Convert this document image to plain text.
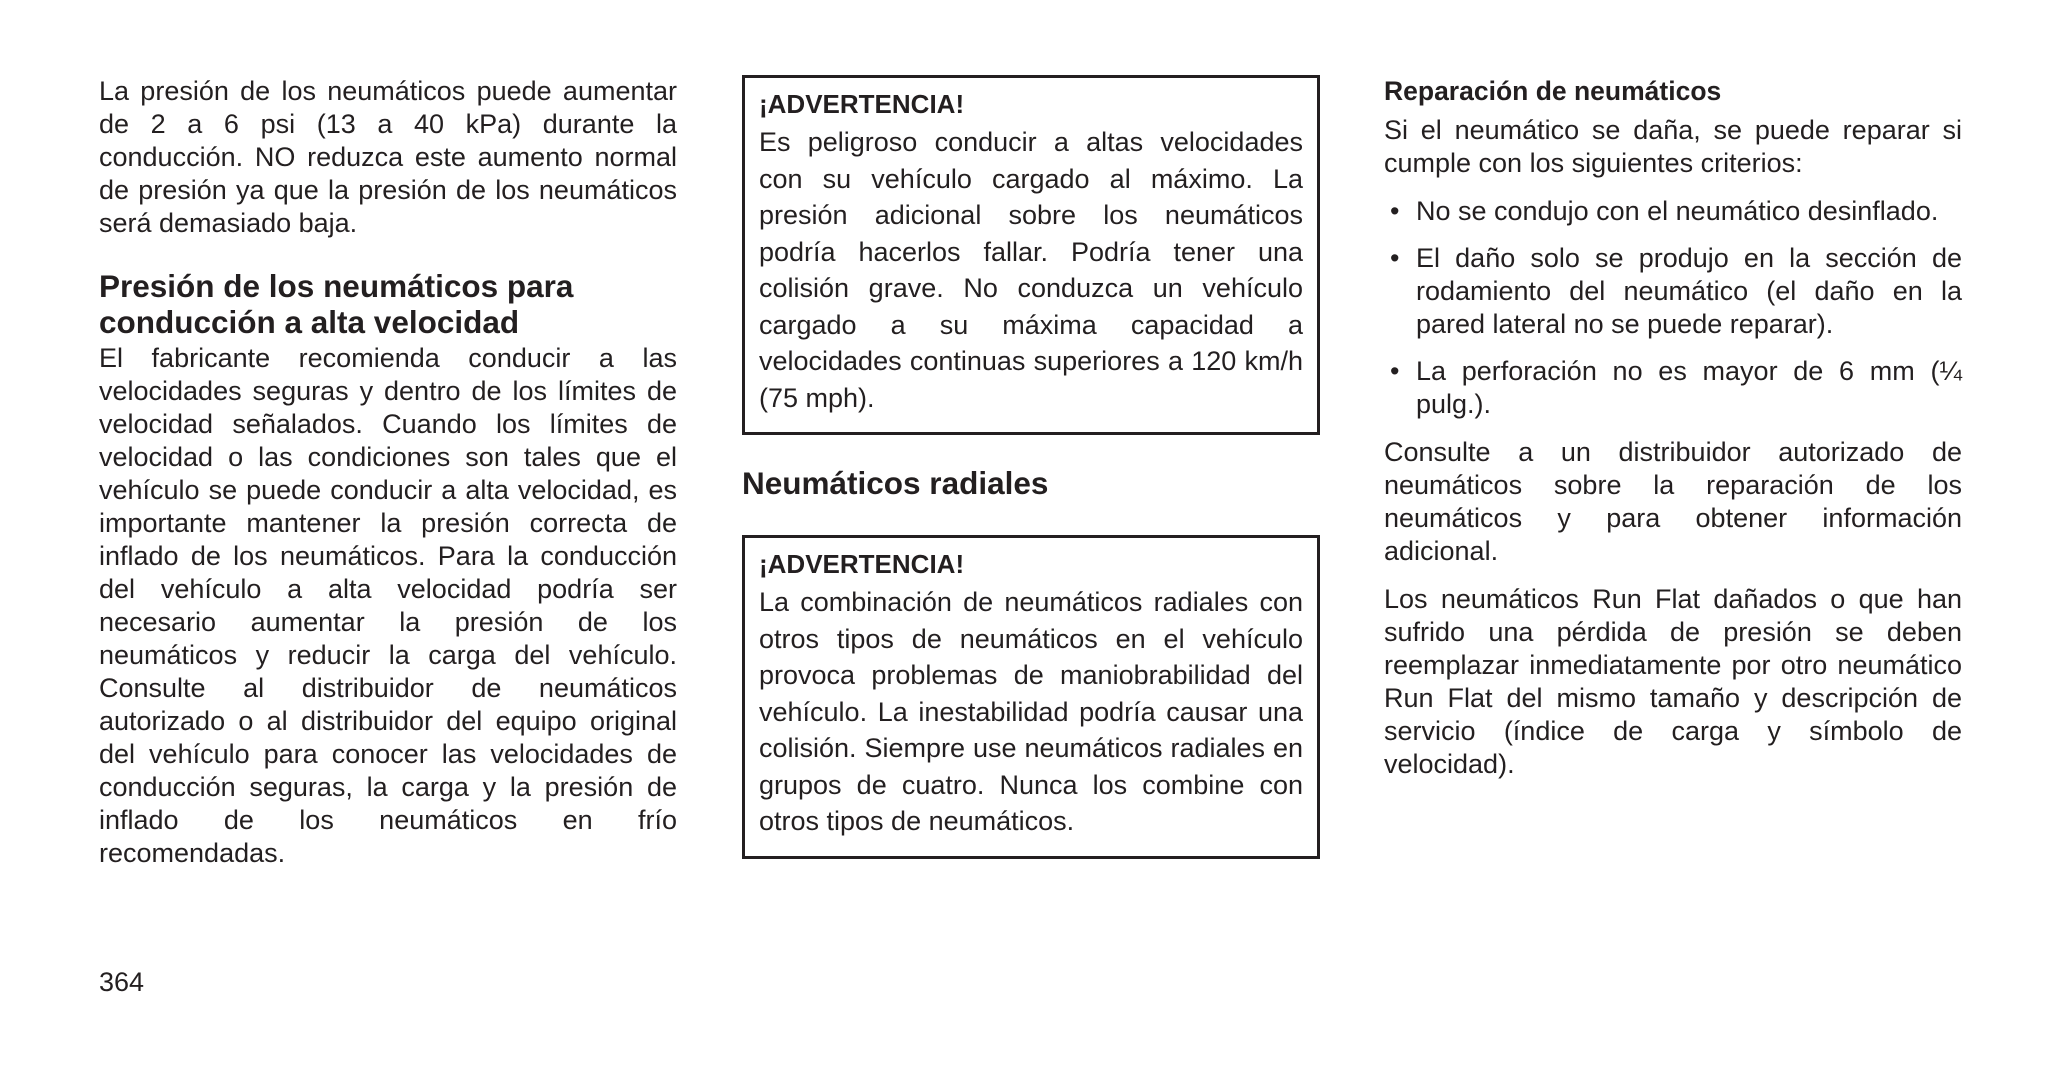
La presión de los neumáticos puede aumentar de 2 a 6 psi (13 a 40 kPa) durante la conducción. NO reduzca este aumento normal de presión ya que la presión de los neumáticos será demasiado baja.

Presión de los neumáticos para conducción a alta velocidad

El fabricante recomienda conducir a las velocidades seguras y dentro de los límites de velocidad señalados. Cuando los límites de velocidad o las condiciones son tales que el vehículo se puede conducir a alta velocidad, es importante mantener la presión correcta de inflado de los neumáticos. Para la conducción del vehículo a alta velocidad podría ser necesario aumentar la presión de los neumáticos y reducir la carga del vehículo. Consulte al distribuidor de neumáticos autorizado o al distribuidor del equipo original del vehículo para conocer las velocidades de conducción seguras, la carga y la presión de inflado de los neumáticos en frío recomendadas.

¡ADVERTENCIA!

Es peligroso conducir a altas velocidades con su vehículo cargado al máximo. La presión adicional sobre los neumáticos podría hacerlos fallar. Podría tener una colisión grave. No conduzca un vehículo cargado a su máxima capacidad a velocidades continuas superiores a 120 km/h (75 mph).

Neumáticos radiales

¡ADVERTENCIA!

La combinación de neumáticos radiales con otros tipos de neumáticos en el vehículo provoca problemas de maniobrabilidad del vehículo. La inestabilidad podría causar una colisión. Siempre use neumáticos radiales en grupos de cuatro. Nunca los combine con otros tipos de neumáticos.

Reparación de neumáticos

Si el neumático se daña, se puede reparar si cumple con los siguientes criterios:

• No se condujo con el neumático desinflado.
• El daño solo se produjo en la sección de rodamiento del neumático (el daño en la pared lateral no se puede reparar).
• La perforación no es mayor de 6 mm (¼ pulg.).

Consulte a un distribuidor autorizado de neumáticos sobre la reparación de los neumáticos y para obtener información adicional.

Los neumáticos Run Flat dañados o que han sufrido una pérdida de presión se deben reemplazar inmediatamente por otro neumático Run Flat del mismo tamaño y descripción de servicio (índice de carga y símbolo de velocidad).

364
